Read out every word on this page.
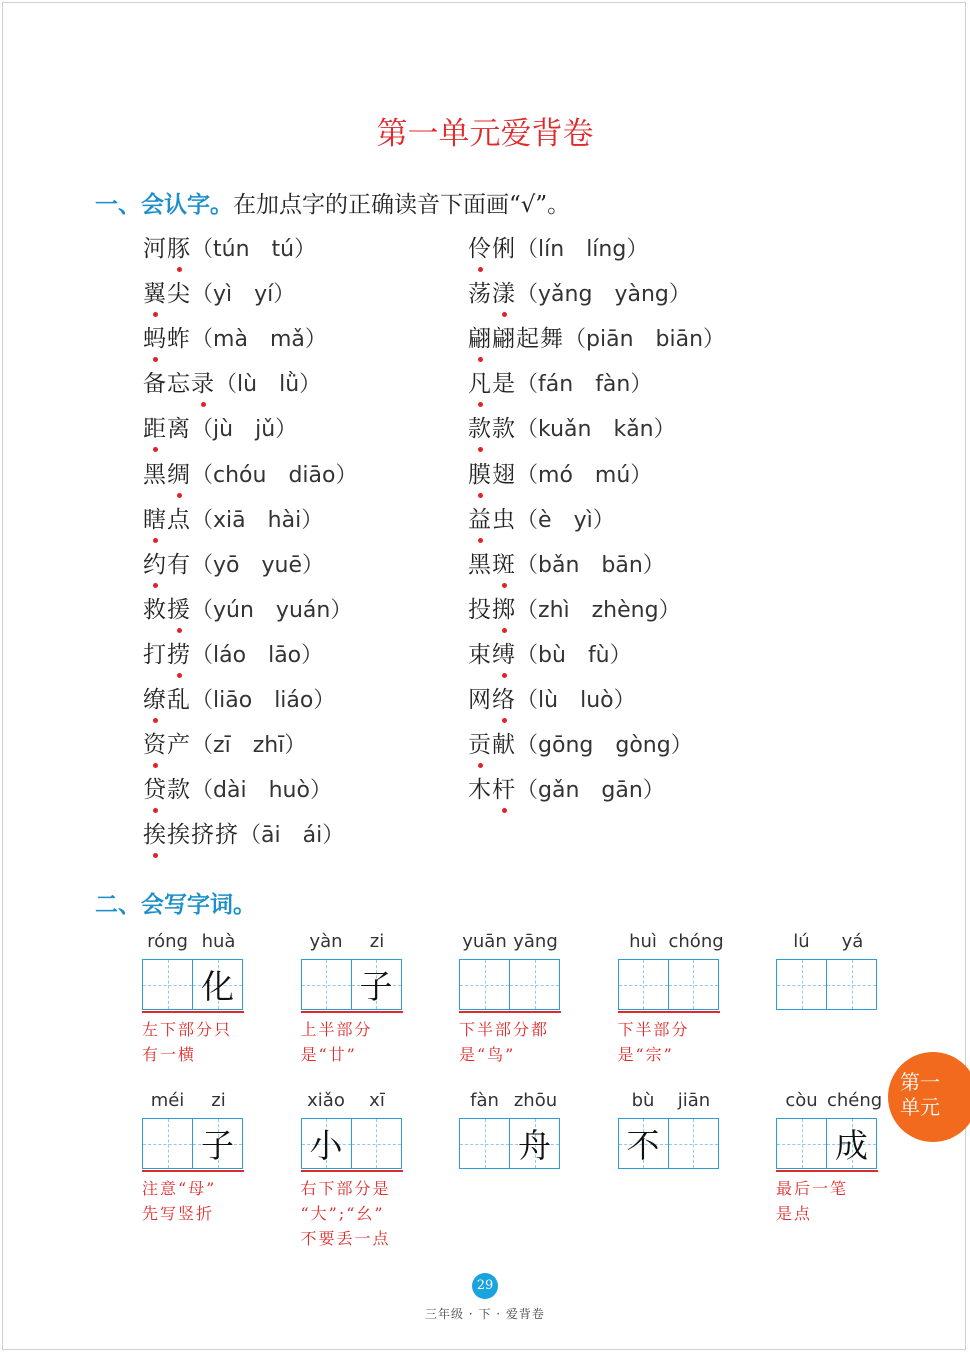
第一单元爱背卷
一、会认字。在加点字的正确读音下面画“√”。
河豚（tún tú）	伶俐（lín líng）
翼尖（yì yí）	荡漾（yǎng yàng）
蚂蚱（mà mǎ）	翩翩起舞（piān biān）
备忘录（lù lǜ）	凡是（fán fàn）
距离（jù jǔ）	款款（kuǎn kǎn）
黑绸（chóu diāo）	膜翅（mó mú）
瞎点（xiā hài）	益虫（è yì）
约有（yō yuē）	黑斑（bǎn bān）
救援（yún yuán）	投掷（zhì zhèng）
打捞（láo lāo）	束缚（bù fù）
缭乱（liāo liáo）	网络（lù luò）
资产（zī zhī）	贡献（gōng gòng）
贷款（dài huò）	木杆（gǎn gān）
挨挨挤挤（āi ái）
二、会写字词。
róng huà
化
左下部分只
有一横
yàn	zi
子
上半部分
是“廿”
yuān yāng
下半部分都
是“鸟”
huì chóng
下半部分
是“宗”
lú	yá
méi	zi
子
注意“母”
先写竖折
xiǎo	xī
小
右下部分是
“大”;“幺”
不要丢一点
fàn zhōu
舟
bù	jiān
不
còu chéng
成
最后一笔
是点
第一
单元
29
三年级 · 下 · 爱背卷
